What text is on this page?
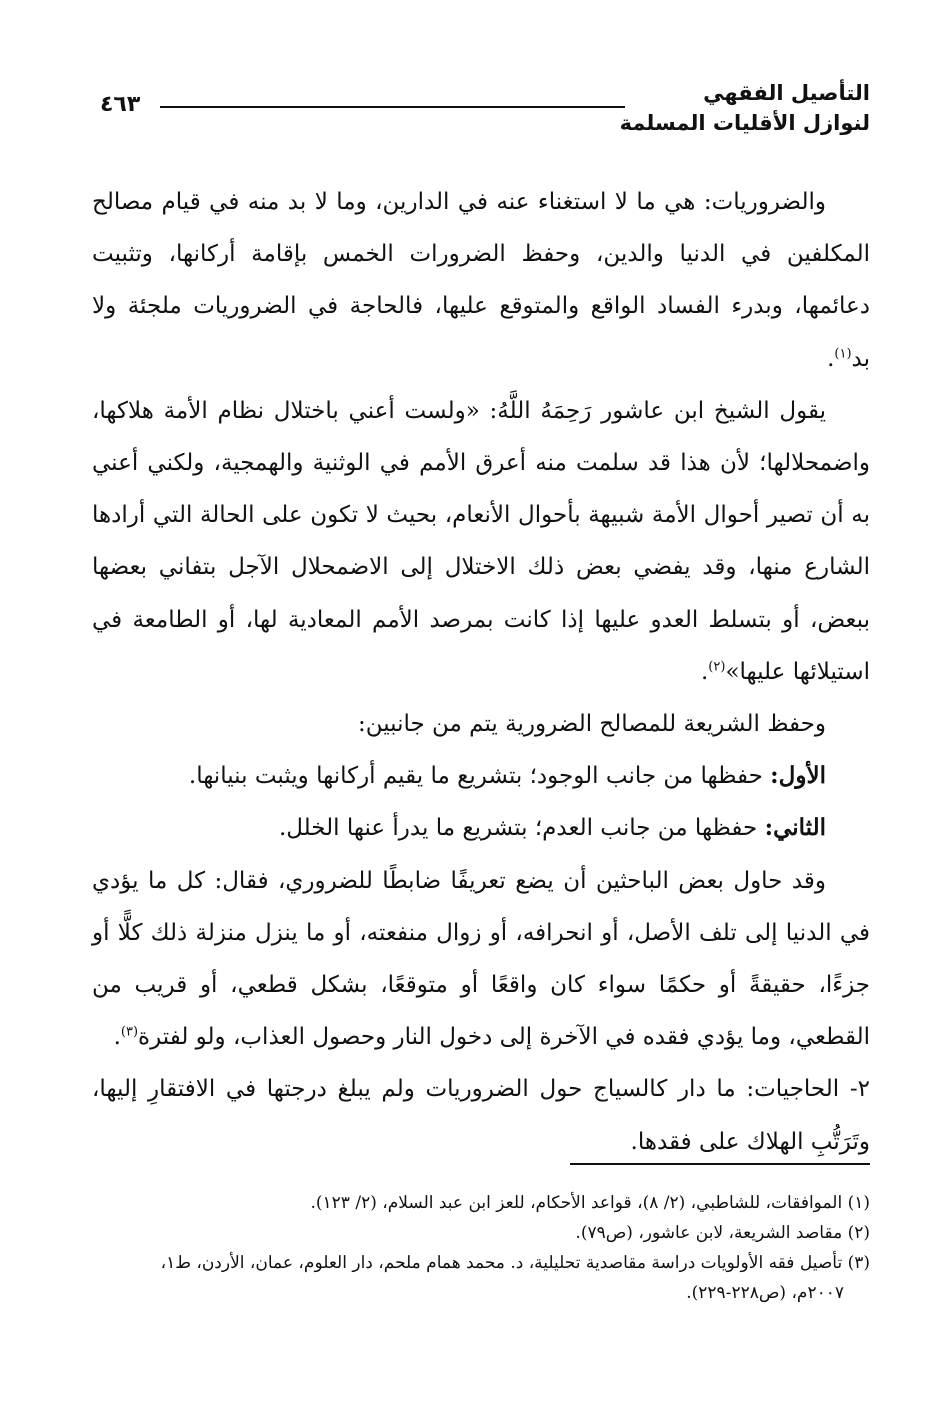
٤٦٣	التأصيل الفقهي
لنوازل الأقليات المسلمة

والضروريات: هي ما لا استغناء عنه في الدارين، وما لا بد منه في قيام مصالح المكلفين في الدنيا والدين، وحفظ الضرورات الخمس بإقامة أركانها، وتثبيت دعائمها، وبدرء الفساد الواقع والمتوقع عليها، فالحاجة في الضروريات ملجئة ولا بد$^{(١)}$.

يقول الشيخ ابن عاشور رَحِمَهُ اللَّهُ: «ولست أعني باختلال نظام الأمة هلاكها، واضمحلالها؛ لأن هذا قد سلمت منه أعرق الأمم في الوثنية والهمجية، ولكني أعني به أن تصير أحوال الأمة شبيهة بأحوال الأنعام، بحيث لا تكون على الحالة التي أرادها الشارع منها، وقد يفضي بعض ذلك الاختلال إلى الاضمحلال الآجل بتفاني بعضها ببعض، أو بتسلط العدو عليها إذا كانت بمرصد الأمم المعادية لها، أو الطامعة في استيلائها عليها»$^{(٢)}$.

وحفظ الشريعة للمصالح الضرورية يتم من جانبين:

الأول: حفظها من جانب الوجود؛ بتشريع ما يقيم أركانها ويثبت بنيانها.

الثاني: حفظها من جانب العدم؛ بتشريع ما يدرأ عنها الخلل.

وقد حاول بعض الباحثين أن يضع تعريفًا ضابطًا للضروري، فقال: كل ما يؤدي في الدنيا إلى تلف الأصل، أو انحرافه، أو زوال منفعته، أو ما ينزل منزلة ذلك كلًّا أو جزءًا، حقيقةً أو حكمًا سواء كان واقعًا أو متوقعًا، بشكل قطعي، أو قريب من القطعي، وما يؤدي فقده في الآخرة إلى دخول النار وحصول العذاب، ولو لفترة$^{(٣)}$.

٢- الحاجيات: ما دار كالسياج حول الضروريات ولم يبلغ درجتها في الافتقارِ إليها، وتَرَتُّبِ الهلاك على فقدها.

(١) الموافقات، للشاطبي، (٢/ ٨)، قواعد الأحكام، للعز ابن عبد السلام، (٢/ ١٢٣).
(٢) مقاصد الشريعة، لابن عاشور، (ص٧٩).
(٣) تأصيل فقه الأولويات دراسة مقاصدية تحليلية، د. محمد همام ملحم، دار العلوم، عمان، الأردن، ط١،
٢٠٠٧م، (ص٢٢٨-٢٢٩).
